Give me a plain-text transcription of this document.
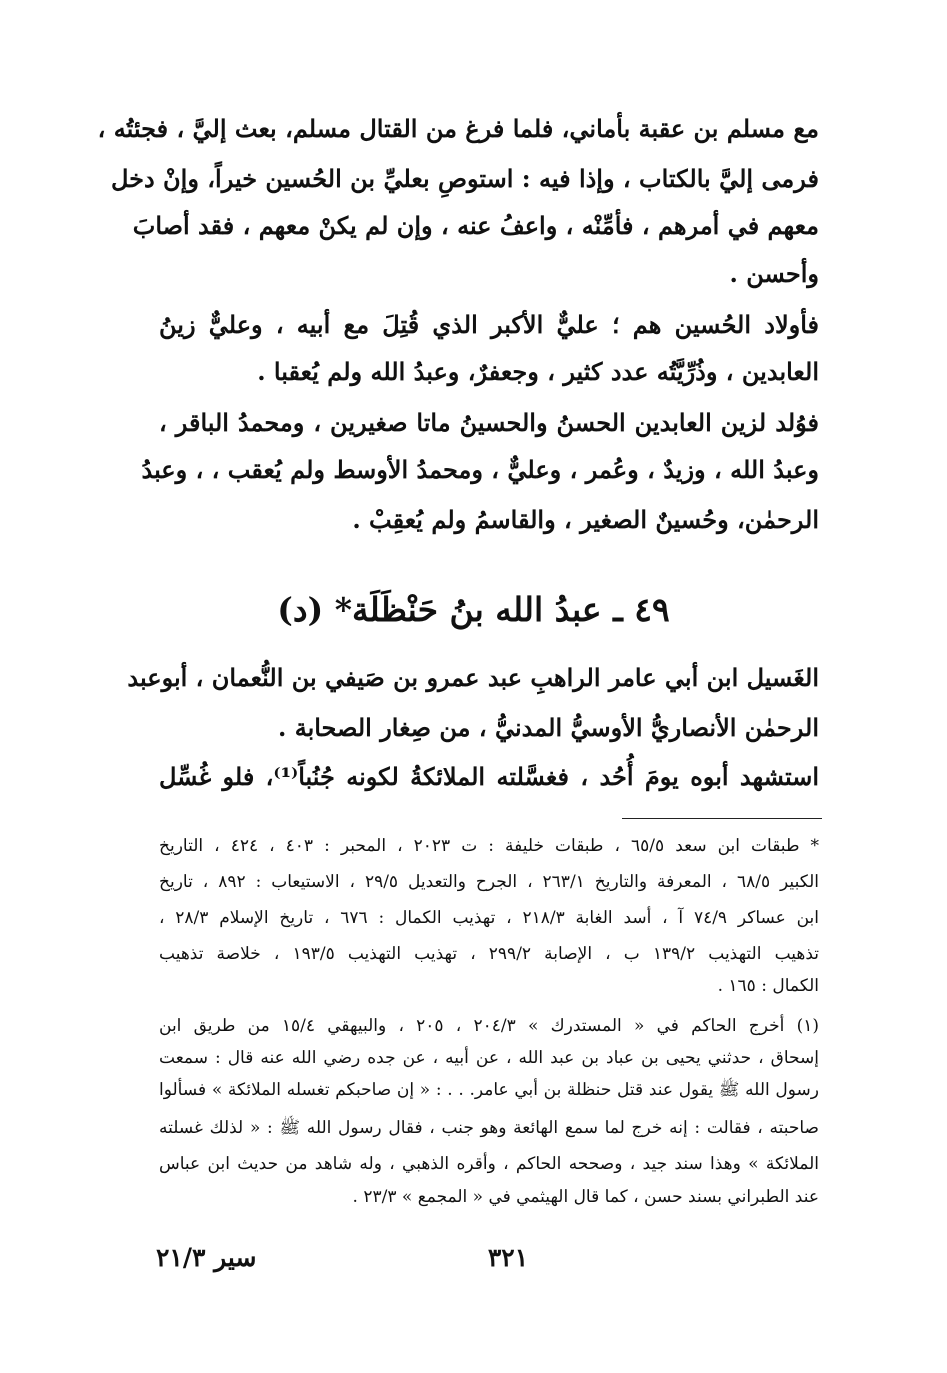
مع مسلم بن عقبة بأماني، فلما فرغ من القتال مسلم، بعث إليَّ ، فجئتُه ،
فرمى إليَّ بالكتاب ، وإذا فيه : استوصِ بعليِّ بن الحُسين خيراً، وإنْ دخل
معهم في أمرهم ، فأمِّنْه ، واعفُ عنه ، وإن لم يكنْ معهم ، فقد أصابَ
وأحسن .
فأولاد الحُسين هم ؛ عليٌّ الأكبر الذي قُتِلَ مع أبيه ، وعليٌّ زينُ
العابدين ، وذُرِّيَّتُه عدد كثير ، وجعفرٌ، وعبدُ الله ولم يُعقبا .
فوُلد لزين العابدين الحسنُ والحسينُ ماتا صغيرين ، ومحمدُ الباقر ،
وعبدُ الله ، وزيدٌ ، وعُمر ، وعليٌّ ، ومحمدُ الأوسط ولم يُعقب ، ، وعبدُ
الرحمٰن، وحُسينٌ الصغير ، والقاسمُ ولم يُعقِبْ .
٤٩ ـ عبدُ الله بنُ حَنْظَلَة* (د)
الغَسيل ابن أبي عامر الراهبِ عبد عمرو بن صَيفي بن النُّعمان ، أبوعبد
الرحمٰن الأنصاريُّ الأوسيُّ المدنيُّ ، من صِغار الصحابة .
استشهد أبوه يومَ أُحُد ، فغسَّلته الملائكةُ لكونه جُنُباً⁽¹⁾، فلو غُسِّل
* طبقات ابن سعد ٦٥/٥ ، طبقات خليفة : ت ٢٠٢٣ ، المحبر : ٤٠٣ ، ٤٢٤ ، التاريخ
الكبير ٦٨/٥ ، المعرفة والتاريخ ٢٦٣/١ ، الجرح والتعديل ٢٩/٥ ، الاستيعاب : ٨٩٢ ، تاريخ
ابن عساكر ٧٤/٩ آ ، أسد الغابة ٢١٨/٣ ، تهذيب الكمال : ٦٧٦ ، تاريخ الإسلام ٢٨/٣ ،
تذهيب التهذيب ١٣٩/٢ ب ، الإصابة ٢٩٩/٢ ، تهذيب التهذيب ١٩٣/٥ ، خلاصة تذهيب
الكمال : ١٦٥ .
(١) أخرج الحاكم في « المستدرك » ٢٠٤/٣ ، ٢٠٥ ، والبيهقي ١٥/٤ من طريق ابن
إسحاق ، حدثني يحيى بن عباد بن عبد الله ، عن أبيه ، عن جده رضي الله عنه قال : سمعت
رسول الله ﷺ يقول عند قتل حنظلة بن أبي عامر. . . : « إن صاحبكم تغسله الملائكة » فسألوا
صاحبته ، فقالت : إنه خرج لما سمع الهائعة وهو جنب ، فقال رسول الله ﷺ : « لذلك غسلته
الملائكة » وهذا سند جيد ، وصححه الحاكم ، وأقره الذهبي ، وله شاهد من حديث ابن عباس
عند الطبراني بسند حسن ، كما قال الهيثمي في « المجمع » ٢٣/٣ .
٣٢١
سير ٢١/٣
